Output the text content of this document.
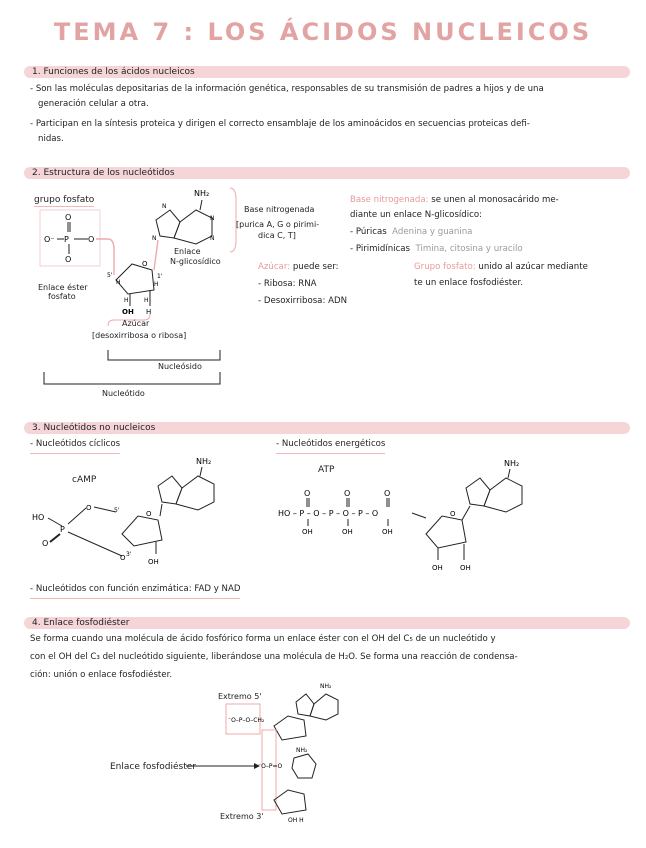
TEMA 7 : LOS ÁCIDOS NUCLEICOS
1. Funciones de los ácidos nucleicos
- Son las moléculas depositarias de la información genética, responsables de su transmisión de padres a hijos y de una
generación celular a otra.
- Participan en la síntesis proteica y dirigen el correcto ensamblaje de los aminoácidos en secuencias proteicas defi-
nidas.
2. Estructura de los nucleótidos
grupo fosfato
O⁻ P
O
O
O
O
5'	1'
H	H
H	H
OH H
NH₂
N
N
N
N
Enlace
N-glicosídico
Enlace éster
fosfato
Azúcar
[desoxirribosa o ribosa]
Nucleósido
Nucleótido
Base nitrogenada
[purica A, G o pirimi-
dica C, T]
Base nitrogenada: se unen al monosacárido me-
diante un enlace N-glicosídico:
- Púricas Adenina y guanina
- Pirimidínicas Timina, citosina y uracilo
Azúcar: puede ser:
- Ribosa: RNA
- Desoxirribosa: ADN
Grupo fosfato: unido al azúcar mediante
te un enlace fosfodiéster.
3. Nucleótidos no nucleicos
- Nucleótidos cíclicos	- Nucleótidos energéticos
cAMP
ATP
NH₂
O
5'
3'
OH
HO
P
O
O
O
HO – P – O – P – O – P – O
O	O	O
OH	OH	OH
O
OH OH
NH₂
- Nucleótidos con función enzimática: FAD y NAD
4. Enlace fosfodiéster
Se forma cuando una molécula de ácido fosfórico forma un enlace éster con el OH del C₅ de un nucleótido y
con el OH del C₃ del nucleótido siguiente, liberándose una molécula de H₂O. Se forma una reacción de condensa-
ción: unión o enlace fosfodiéster.
Extremo 5'
Extremo 3'
Enlace fosfodiéster
⁻O–P–O–CH₂
NH₂
⁻O–P=O
NH₂
OH H
